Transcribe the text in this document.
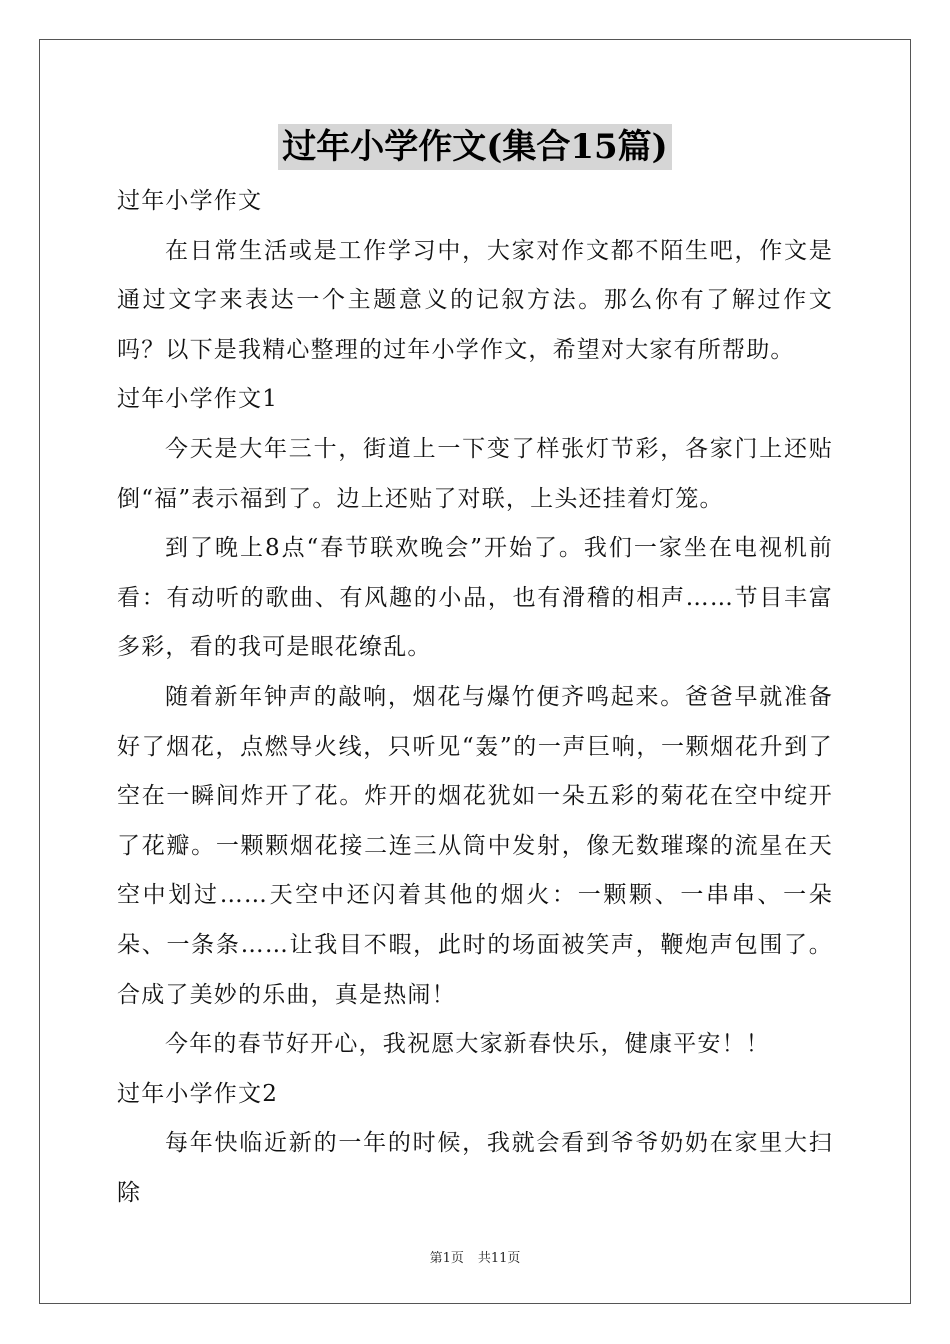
过年小学作文(集合15篇)

过年小学作文

在日常生活或是工作学习中，大家对作文都不陌生吧，作文是通过文字来表达一个主题意义的记叙方法。那么你有了解过作文吗？以下是我精心整理的过年小学作文，希望对大家有所帮助。

过年小学作文1

今天是大年三十，街道上一下变了样张灯节彩，各家门上还贴倒“福”表示福到了。边上还贴了对联，上头还挂着灯笼。

到了晚上8点“春节联欢晚会”开始了。我们一家坐在电视机前看：有动听的歌曲、有风趣的小品，也有滑稽的相声……节目丰富多彩，看的我可是眼花缭乱。

随着新年钟声的敲响，烟花与爆竹便齐鸣起来。爸爸早就准备好了烟花，点燃导火线，只听见“轰”的一声巨响，一颗烟花升到了空在一瞬间炸开了花。炸开的烟花犹如一朵五彩的菊花在空中绽开了花瓣。一颗颗烟花接二连三从筒中发射，像无数璀璨的流星在天空中划过……天空中还闪着其他的烟火：一颗颗、一串串、一朵朵、一条条……让我目不暇，此时的场面被笑声，鞭炮声包围了。合成了美妙的乐曲，真是热闹！

今年的春节好开心，我祝愿大家新春快乐，健康平安！！

过年小学作文2

每年快临近新的一年的时候，我就会看到爷爷奶奶在家里大扫除

第1页 共11页
